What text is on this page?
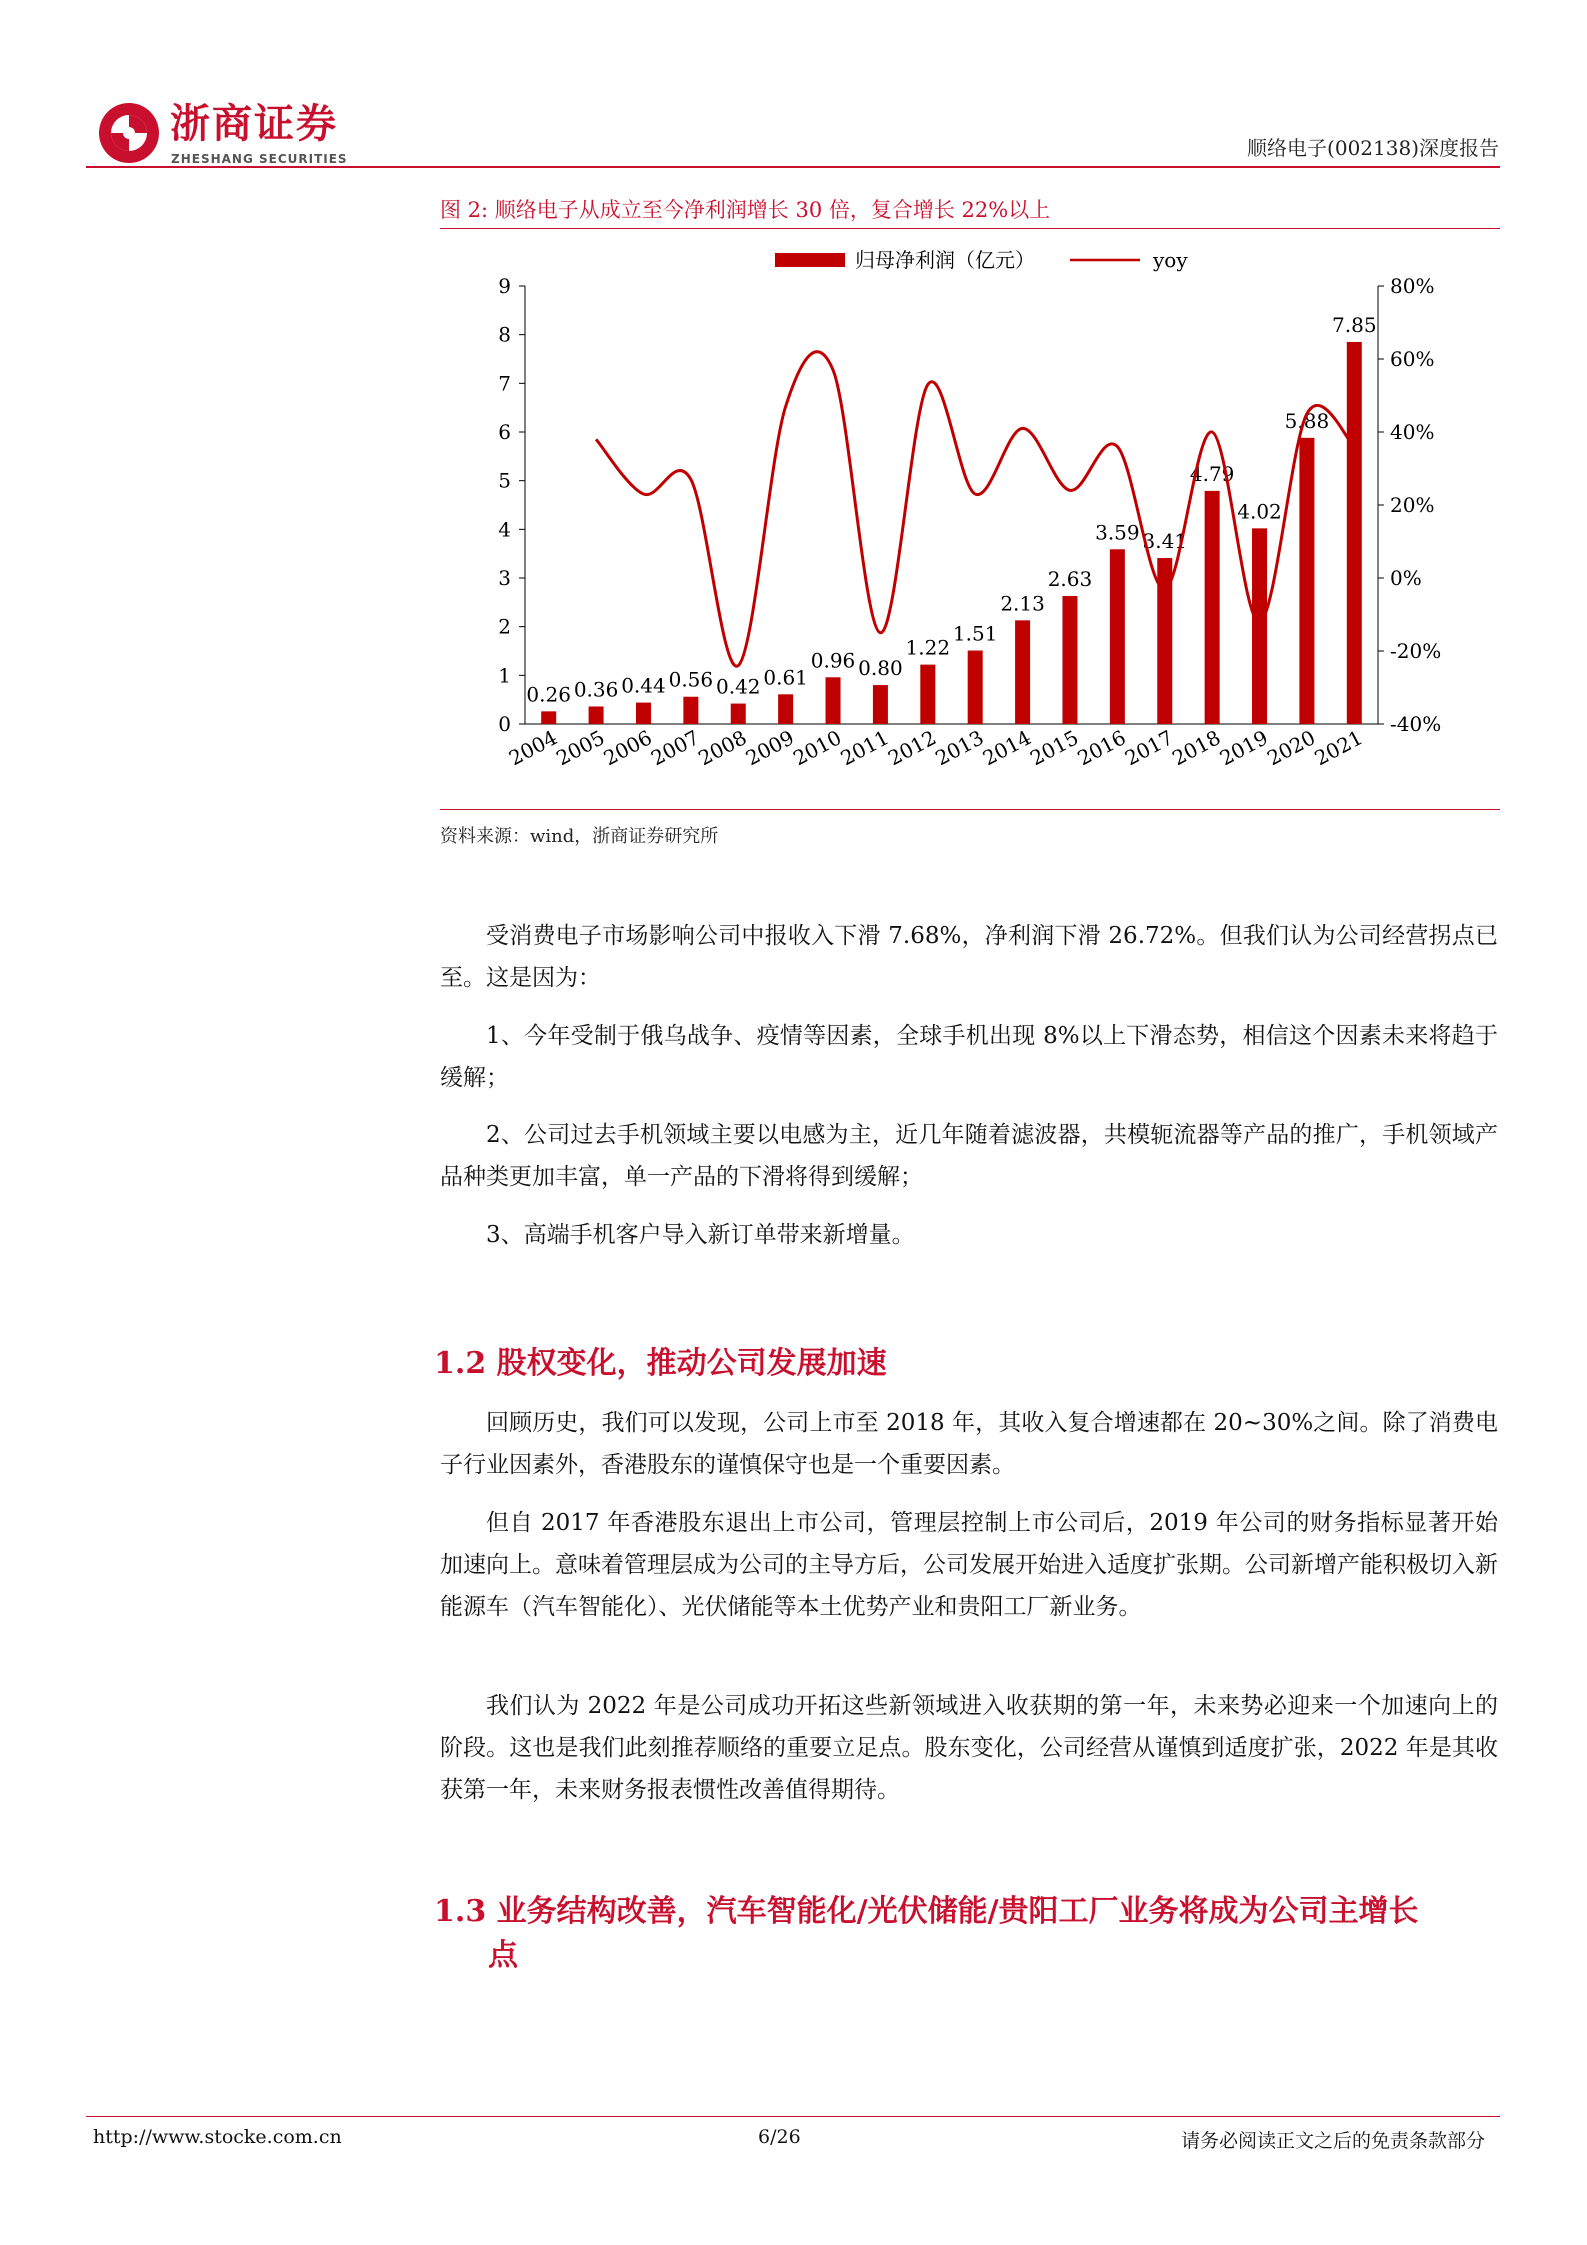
浙商证券
ZHESHANG SECURITIES	顺络电子(002138)深度报告
图 2: 顺络电子从成立至今净利润增长 30 倍，复合增长 22%以上
0
1
2
3
4
5
6
7
8
9
-40%
-20%
0%
20%
40%
60%
80%
0.26 0.36 0.44 0.56 0.42 0.61
0.96 0.80
1.22
1.51
2.13
2.63
3.59 3.41
4.79
4.02
5.88
7.85
2004
2005
2006
2007
2008
2009
2010
2011
2012
2013
2014
2015
2016
2017
2018
2019
2020
2021
归母净利润（亿元）	yoy
资料来源：wind，浙商证券研究所

受消费电子市场影响公司中报收入下滑 7.68%，净利润下滑 26.72%。但我们认为公司经营拐点已至。这是因为：

1、今年受制于俄乌战争、疫情等因素，全球手机出现 8%以上下滑态势，相信这个因素未来将趋于缓解；

2、公司过去手机领域主要以电感为主，近几年随着滤波器，共模轭流器等产品的推广，手机领域产品种类更加丰富，单一产品的下滑将得到缓解；

3、高端手机客户导入新订单带来新增量。

1.2 股权变化，推动公司发展加速

回顾历史，我们可以发现，公司上市至 2018 年，其收入复合增速都在 20~30%之间。除了消费电子行业因素外，香港股东的谨慎保守也是一个重要因素。

但自 2017 年香港股东退出上市公司，管理层控制上市公司后，2019 年公司的财务指标显著开始加速向上。意味着管理层成为公司的主导方后，公司发展开始进入适度扩张期。公司新增产能积极切入新能源车（汽车智能化）、光伏储能等本土优势产业和贵阳工厂新业务。

我们认为 2022 年是公司成功开拓这些新领域进入收获期的第一年，未来势必迎来一个加速向上的阶段。这也是我们此刻推荐顺络的重要立足点。股东变化，公司经营从谨慎到适度扩张，2022 年是其收获第一年，未来财务报表惯性改善值得期待。

1.3 业务结构改善，汽车智能化/光伏储能/贵阳工厂业务将成为公司主增长
点
http://www.stocke.com.cn	6/26	请务必阅读正文之后的免责条款部分
